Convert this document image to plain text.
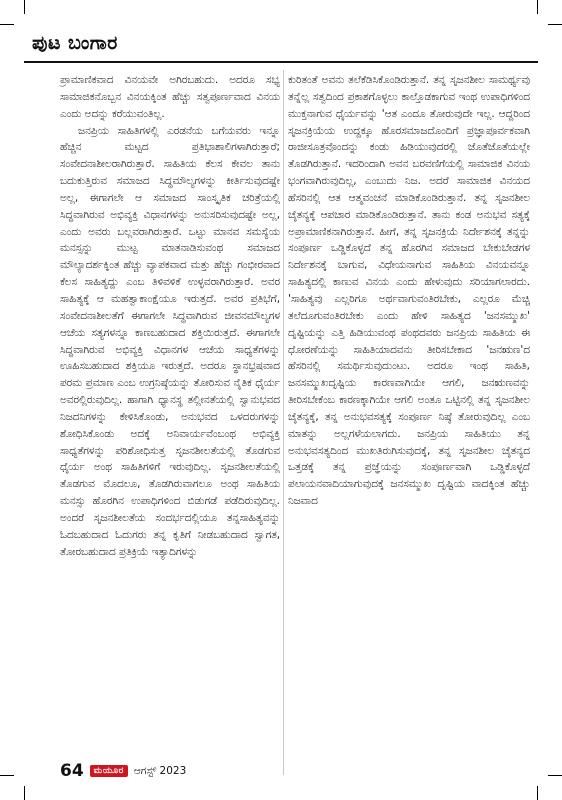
ಪುಟ ಬಂಗಾರ

ಪ್ರಾಮಾಣಿಕವಾದ ವಿನಯವೇ ಅಗಿರಬಹುದು. ಅದರೂ ಸಭ್ಯ ಸಾಮಾಜಿಕನೊಬ್ಬನ ವಿನಯಕ್ಕಿಂತ ಹೆಚ್ಚು ಸತ್ವಪೂರ್ಣವಾದ ವಿನಯ ಎಂದು ಅದನ್ನು ಕರೆಯುವಂತಿಲ್ಲ.

ಜನಪ್ರಿಯ ಸಾಹಿತಿಗಳಲ್ಲಿ ಎರಡನೆಯ ಬಗೆಯವರು ಇನ್ನೂ ಹೆಚ್ಚಿನ ಮಟ್ಟದ ಪ್ರತಿಭಾಶಾಲಿಗಳಾಗಿರುತ್ತಾರೆ; ಸಂವೇದನಾಶೀಲರಾಗಿರುತ್ತಾರೆ. ಸಾಹಿತಿಯ ಕೆಲಸ ಕೇವಲ ತಾನು ಬದುಕುತ್ತಿರುವ ಸಮಾಜದ ಸಿದ್ಧಮೌಲ್ಯಗಳನ್ನು ಕೀರ್ತಿಸುವುದಷ್ಟೇ ಅಲ್ಲ, ಈಗಾಗಲೇ ಆ ಸಮಾಜದ ಸಾಂಸ್ಕೃತಿಕ ಚರಿತ್ರೆಯಲ್ಲಿ ಸಿದ್ಧವಾಗಿರುವ ಅಭಿವ್ಯಕ್ತಿ ವಿಧಾನಗಳನ್ನು ಅನುಸರಿಸುವುದಷ್ಟೇ ಅಲ್ಲ, ಎಂದು ಅವರು ಬಲ್ಲವರಾಗಿರುತ್ತಾರೆ. ಒಟ್ಟು ಮಾನವ ಸಮಸ್ಯೆಯ ಮನಸ್ಸನ್ನು ಮುಟ್ಟ ಮಾತನಾಡಿಸುವಂಥ ಸಮಾಜದ ಮೌಲ್ಯಾದರ್ಶಕ್ಕಿಂತ ಹೆಚ್ಚು ವ್ಯಾಪಕವಾದ ಮತ್ತು ಹೆಚ್ಚು ಗಂಭೀರವಾದ ಕೆಲಸ ಸಾಹಿತ್ಯದ್ದು ಎಂಬ ತಿಳಿವಳಿಕೆ ಉಳ್ಳವರಾಗಿರುತ್ತಾರೆ. ಅವರ ಸಾಹಿತ್ಯಕ್ಕೆ ಆ ಮಹತ್ವಾಕಾಂಕ್ಷೆಯೂ ಇರುತ್ತದೆ. ಅವರ ಪ್ರತಿಭೆಗೆ, ಸಂವೇದನಾಶೀಲತೆಗೆ ಈಗಾಗಲೇ ಸಿದ್ಧವಾಗಿರುವ ಜೀವನಮೌಲ್ಯಗಳ ಆಚೆಯ ಸತ್ಯಗಳನ್ನೂ ಕಾಣಬಹುದಾದ ಶಕ್ತಿಯಿರುತ್ತದೆ. ಈಗಾಗಲೇ ಸಿದ್ಧವಾಗಿರುವ ಅಭಿವ್ಯಕ್ತಿ ವಿಧಾನಗಳ ಆಚೆಯ ಸಾಧ್ಯತೆಗಳನ್ನು ಊಹಿಸಬಹುದಾದ ಶಕ್ತಿಯೂ ಇರುತ್ತದೆ. ಅದರೂ ಸ್ಥಾನಭ್ರಷವಾದ ಪರಮ ಪ್ರಮಾಣ ಎಂಬ ಉಗ್ರನಿಷ್ಠೆಯನ್ನು ತೋರಿಸುವ ನೈತಿಕ ಧೈರ್ಯ ಅವರಲ್ಲಿರುವುದಿಲ್ಲ. ಹಾಗಾಗಿ ಧ್ಯಾನಸ್ಥ ತಲ್ಲೀನತೆಯಲ್ಲಿ ಸ್ವಾನುಭವದ ನಿಜದನಿಗಳನ್ನು ಕೇಳಿಸಿಕೊಂಡು, ಅನುಭವದ ಒಳದರುಗಳನ್ನು ಶೋಧಿಸಿಕೊಂಡು ಅದಕ್ಕೆ ಅನಿವಾರ್ಯವೆಂಬಂಥ ಅಭಿವ್ಯಕ್ತಿ ಸಾಧ್ಯತೆಗಳನ್ನು ಪರಿಶೋಧಿಸುತ್ತ ಸೃಜನಶೀಲತೆಯಲ್ಲಿ ತೊಡಗುವ ಧೈರ್ಯ ಅಂಥ ಸಾಹಿತಿಗಳಿಗೆ ಇರುವುದಿಲ್ಲ. ಸೃಜನಶೀಲತೆಯಲ್ಲಿ ತೊಡಗುವ ಮೊದಲೂ, ತೊಡಗಿರುವಾಗಲೂ ಅಂಥ ಸಾಹಿತಿಯ ಮನಸ್ಸು ಹೊರಗಿನ ಉಪಾಧಿಗಳಿಂದ ಬಿಡುಗಡೆ ಪಡೆದಿರುವುದಿಲ್ಲ. ಅಂದರೆ ಸೃಜನಶೀಲತೆಯ ಸಂದರ್ಭದಲ್ಲಿಯೂ ತನ್ನಸಾಹಿತ್ಯವನ್ನು ಓದಬಹುದಾದ ಓದುಗರು ತನ್ನ ಕೃತಿಗೆ ನೀಡಬಹುದಾದ ಸ್ವಾಗತ, ತೋರಬಹುದಾದ ಪ್ರತಿಕ್ರಿಯೆ ಇತ್ಯಾದಿಗಳನ್ನು

ಕುರಿತಂತೆ ಅವನು ತಲೆಕೆಡಿಸಿಕೊಂಡಿರುತ್ತಾನೆ. ತನ್ನ ಸೃಜನಶೀಲ ಸಾಮರ್ಥ್ಯವು ತನ್ನೆಲ್ಲ ಸತ್ವದಿಂದ ಪ್ರಕಾಶಗೊಳ್ಳಲು ಕಾಲ್ತೊಡಕಾಗುವ ಇಂಥ ಉಪಾಧಿಗಳಿಂದ ಮುಕ್ತನಾಗುವ ಧೈರ್ಯವನ್ನು 'ಆತ ಎಂದೂ ತೋರುವುದೇ ಇಲ್ಲ. ಆದ್ದರಿಂದ ಸೃಜನಕ್ರಿಯೆಯ ಉದ್ದಕ್ಕೂ ಹೊರಸಮಾಜದೊಂದಿಗೆ ಪ್ರಜ್ಞಾಪೂರ್ವಕವಾಗಿ ರಾಜೀಸೂತ್ರವೊಂದನ್ನು ಕಂಡು ಹಿಡಿಯುವುದರಲ್ಲಿ ಜೊತೆಜೊತೆಯಲ್ಲೇ ತೊಡಗಿರುತ್ತಾನೆ. ಇದರಿಂದಾಗಿ ಅವನ ಬರವಣಿಗೆಯಲ್ಲಿ ಸಾಮಾಜಿಕ ವಿನಯ ಭಂಗವಾಗಿರುವುದಿಲ್ಲ, ಎಂಬುದು ನಿಜ. ಅದರೆ ಸಾಮಾಜಿಕ ವಿನಯದ ಹೆಸರಿನಲ್ಲಿ ಆತ ಆತ್ಮವಂಚನೆ ಮಾಡಿಕೊಂಡಿರುತ್ತಾನೆ. ತನ್ನ ಸೃಜನಶೀಲ ಚೈತನ್ಯಕ್ಕೆ ಆಪಚಾರ ಮಾಡಿಕೊಂಡಿರುತ್ತಾನೆ. ತಾನು ಕಂಡ ಅನುಭವ ಸತ್ಯಕ್ಕೆ ಅಪ್ರಾಮಾಣಿಕನಾಗಿರುತ್ತಾನೆ. ಹೀಗೆ, ತನ್ನ ಸೃಜನಕ್ರಿಯೆ ನಿರ್ದೇಶನಕ್ಕೆ ತನ್ನನ್ನು ಸಂಪೂರ್ಣ ಒಡ್ಡಿಕೊಳ್ಳದೆ ತನ್ನ ಹೊರಗಿನ ಸಮಾಜದ ಬೇಕುಬೇಡಗಳ ನಿರ್ದೇಶನಕ್ಕೆ ಬಾಗುವ, ವಿಧೇಯನಾಗುವ ಸಾಹಿತಿಯ ವಿನಯವನ್ನೂ ಸಾಹಿತ್ಯದಲ್ಲಿ ಕಾಣುವ ವಿನಯ ಎಂದು ಹೇಳುವುದು ಸರಿಯಾಗಲಾರದು. 'ಸಾಹಿತ್ಯವು ಎಲ್ಲರಿಗೂ ಅರ್ಥವಾಗುವಂತಿರಬೇಕು, ಎಲ್ಲರೂ ಮೆಚ್ಚಿ ತಲೆದೂಗುವಂತಿರಬೇಕು ಎಂದು ಹೇಳಿ ಸಾಹಿತ್ಯದ 'ಜನಸಮ್ಮುಖ' ದೃಷ್ಟಿಯನ್ನು ಎತ್ತಿ ಹಿಡಿಯುವಂಥ ಪಂಥದವರು ಜನಪ್ರಿಯ ಸಾಹಿತಿಯ ಈ ಧೋರಣೆಯನ್ನು ಸಾಹಿತಿಯಾದವನು ತೀರಿಸಬೇಕಾದ 'ಜನಋಣ'ದ ಹೆಸರಿನಲ್ಲಿ ಸಮರ್ಥಿಸುವುದುಂಟು. ಅದರೂ ಇಂಥ ಸಾಹಿತಿ, ಜನಸಮ್ಮುಖದೃಷ್ಟಿಯ ಕಾರಣವಾಗಿಯೇ ಆಗಲಿ, ಜನಋಣವನ್ನು ತೀರಿಸಬೇಕೆಂಬ ಕಾರಣಕ್ಕಾಗಿಯೇ ಆಗಲಿ ಅಂತೂ ಒಟ್ಟಿನಲ್ಲಿ ತನ್ನ ಸೃಜನಶೀಲ ಚೈತನ್ಯಕ್ಕೆ, ತನ್ನ ಅನುಭವಸತ್ಯಕ್ಕೆ ಸಂಪೂರ್ಣ ನಿಷ್ಠೆ ತೋರುವುದಿಲ್ಲ ಎಂಬ ಮಾತನ್ನು ಅಲ್ಲಗಳೆಯಲಾಗದು. ಜನಪ್ರಿಯ ಸಾಹಿತಿಯು ತನ್ನ ಅನುಭವಸತ್ಯದಿಂದ ಮುಖತಿರುಗಿಸುವುದಕ್ಕೆ, ತನ್ನ ಸೃಜನಶೀಲ ಚೈತನ್ಯದ ಒತ್ತಡಕ್ಕೆ ತನ್ನ ಪ್ರಜ್ಞೆಯನ್ನು ಸಂಪೂರ್ಣವಾಗಿ ಒಡ್ಡಿಕೊಳ್ಳದೆ ಪಲಾಯನವಾದಿಯಾಗುವುದಕ್ಕೆ ಜನಸಮ್ಮುಖ ದೃಷ್ಟಿಯ ವಾದಕ್ಕಿಂತ ಹೆಚ್ಚು ನಿಜವಾದ

64	ಮಯೂರ ಆಗಸ್ಟ್ 2023
